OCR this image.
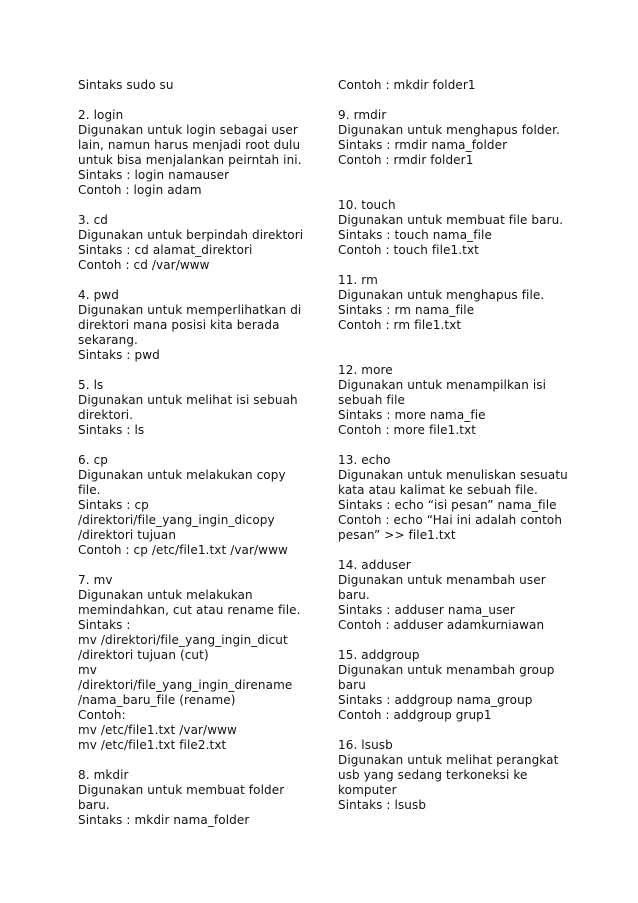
Sintaks sudo su
2. login
Digunakan untuk login sebagai user
lain, namun harus menjadi root dulu
untuk bisa menjalankan peirntah ini.
Sintaks : login namauser
Contoh : login adam
3. cd
Digunakan untuk berpindah direktori
Sintaks : cd alamat_direktori
Contoh : cd /var/www
4. pwd
Digunakan untuk memperlihatkan di
direktori mana posisi kita berada
sekarang.
Sintaks : pwd
5. ls
Digunakan untuk melihat isi sebuah
direktori.
Sintaks : ls
6. cp
Digunakan untuk melakukan copy
file.
Sintaks : cp
/direktori/file_yang_ingin_dicopy
/direktori tujuan
Contoh : cp /etc/file1.txt /var/www
7. mv
Digunakan untuk melakukan
memindahkan, cut atau rename file.
Sintaks :
mv /direktori/file_yang_ingin_dicut
/direktori tujuan (cut)
mv
/direktori/file_yang_ingin_direname
/nama_baru_file (rename)
Contoh:
mv /etc/file1.txt /var/www
mv /etc/file1.txt file2.txt
8. mkdir
Digunakan untuk membuat folder
baru.
Sintaks : mkdir nama_folder
Contoh : mkdir folder1
9. rmdir
Digunakan untuk menghapus folder.
Sintaks : rmdir nama_folder
Contoh : rmdir folder1
10. touch
Digunakan untuk membuat file baru.
Sintaks : touch nama_file
Contoh : touch file1.txt
11. rm
Digunakan untuk menghapus file.
Sintaks : rm nama_file
Contoh : rm file1.txt
12. more
Digunakan untuk menampilkan isi
sebuah file
Sintaks : more nama_fie
Contoh : more file1.txt
13. echo
Digunakan untuk menuliskan sesuatu
kata atau kalimat ke sebuah file.
Sintaks : echo “isi pesan” nama_file
Contoh : echo “Hai ini adalah contoh
pesan” >> file1.txt
14. adduser
Digunakan untuk menambah user
baru.
Sintaks : adduser nama_user
Contoh : adduser adamkurniawan
15. addgroup
Digunakan untuk menambah group
baru
Sintaks : addgroup nama_group
Contoh : addgroup grup1
16. lsusb
Digunakan untuk melihat perangkat
usb yang sedang terkoneksi ke
komputer
Sintaks : lsusb
